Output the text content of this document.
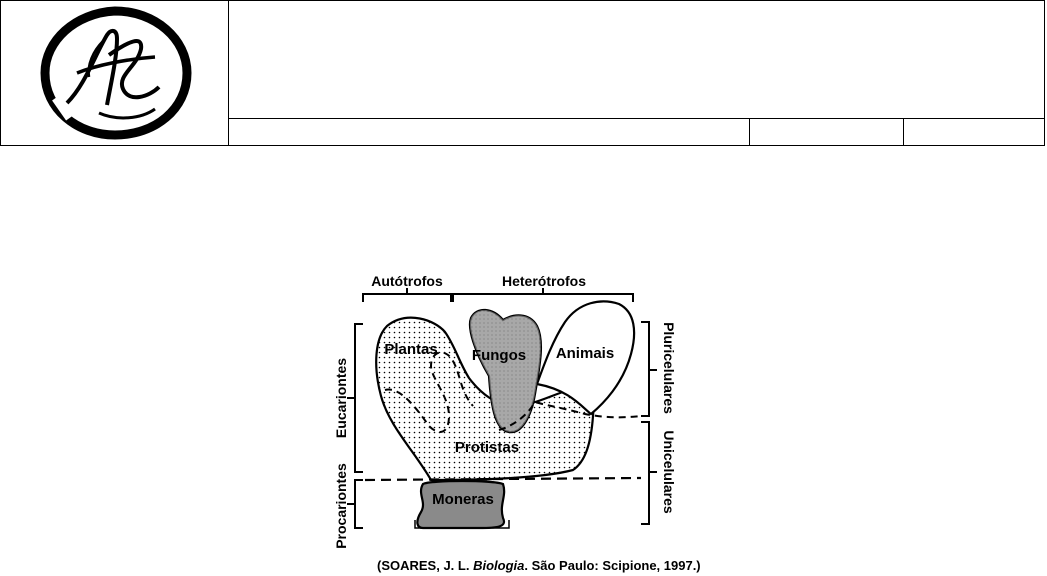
Autótrofos	Heterótrofos
Eucariontes
Procariontes
Pluricelulares
Unicelulares
Plantas Fungos Animais
Protistas
Moneras
(SOARES, J. L. Biologia. São Paulo: Scipione, 1997.)
